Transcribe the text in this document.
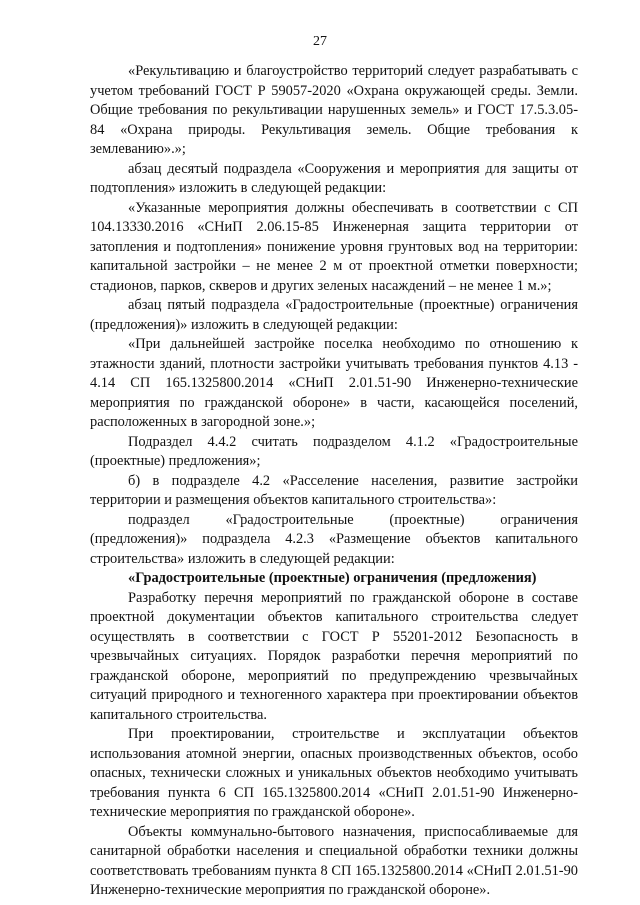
27

«Рекультивацию и благоустройство территорий следует разрабатывать с учетом требований ГОСТ Р 59057-2020 «Охрана окружающей среды. Земли. Общие требования по рекультивации нарушенных земель» и ГОСТ 17.5.3.05-84 «Охрана природы. Рекультивация земель. Общие требования к землеванию».»;

абзац десятый подраздела «Сооружения и мероприятия для защиты от подтопления» изложить в следующей редакции:

«Указанные мероприятия должны обеспечивать в соответствии с СП 104.13330.2016 «СНиП 2.06.15-85 Инженерная защита территории от затопления и подтопления» понижение уровня грунтовых вод на территории: капитальной застройки – не менее 2 м от проектной отметки поверхности; стадионов, парков, скверов и других зеленых насаждений – не менее 1 м.»;

абзац пятый подраздела «Градостроительные (проектные) ограничения (предложения)» изложить в следующей редакции:

«При дальнейшей застройке поселка необходимо по отношению к этажности зданий, плотности застройки учитывать требования пунктов 4.13 - 4.14 СП 165.1325800.2014 «СНиП 2.01.51-90 Инженерно-технические мероприятия по гражданской обороне» в части, касающейся поселений, расположенных в загородной зоне.»;

Подраздел 4.4.2 считать подразделом 4.1.2 «Градостроительные (проектные) предложения»;

б) в подразделе 4.2 «Расселение населения, развитие застройки территории и размещения объектов капитального строительства»:

подраздел «Градостроительные (проектные) ограничения (предложения)» подраздела 4.2.3 «Размещение объектов капитального строительства» изложить в следующей редакции:

«Градостроительные (проектные) ограничения (предложения)

Разработку перечня мероприятий по гражданской обороне в составе проектной документации объектов капитального строительства следует осуществлять в соответствии с ГОСТ Р 55201-2012 Безопасность в чрезвычайных ситуациях. Порядок разработки перечня мероприятий по гражданской обороне, мероприятий по предупреждению чрезвычайных ситуаций природного и техногенного характера при проектировании объектов капитального строительства.

При проектировании, строительстве и эксплуатации объектов использования атомной энергии, опасных производственных объектов, особо опасных, технически сложных и уникальных объектов необходимо учитывать требования пункта 6 СП 165.1325800.2014 «СНиП 2.01.51-90 Инженерно-технические мероприятия по гражданской обороне».

Объекты коммунально-бытового назначения, приспосабливаемые для санитарной обработки населения и специальной обработки техники должны соответствовать требованиям пункта 8 СП 165.1325800.2014 «СНиП 2.01.51-90 Инженерно-технические мероприятия по гражданской обороне».
